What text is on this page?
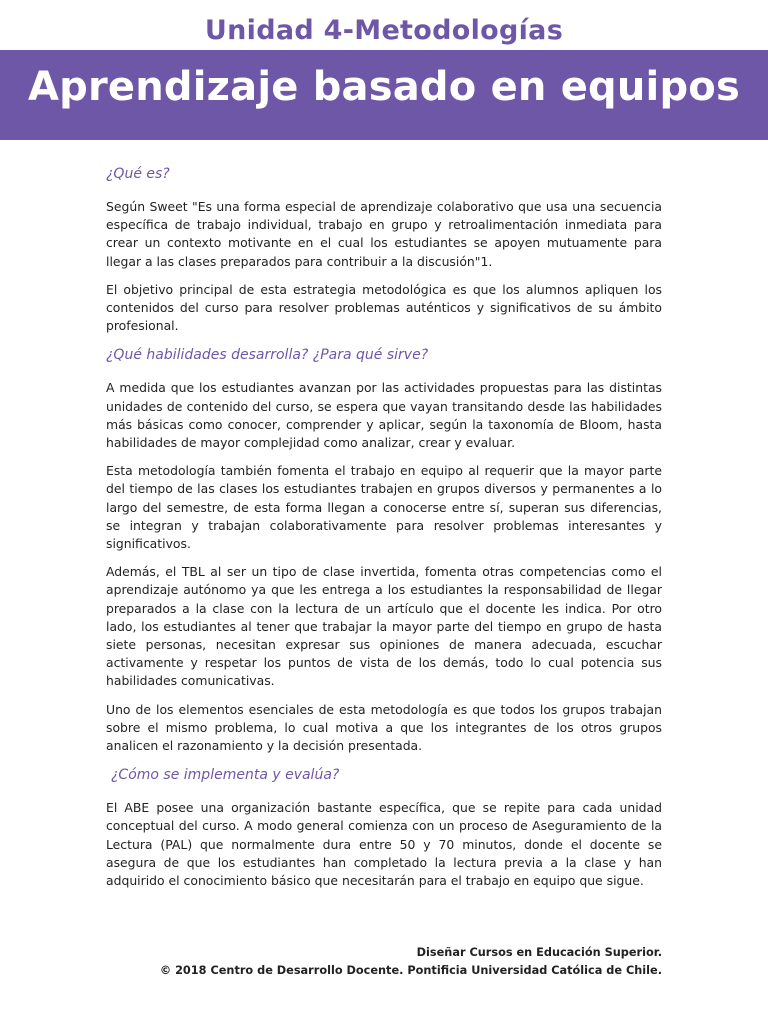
Unidad 4-Metodologías
Aprendizaje basado en equipos
¿Qué es?

Según Sweet "Es una forma especial de aprendizaje colaborativo que usa una secuencia específica de trabajo individual, trabajo en grupo y retroalimentación inmediata para crear un contexto motivante en el cual los estudiantes se apoyen mutuamente para llegar a las clases preparados para contribuir a la discusión"1.

El objetivo principal de esta estrategia metodológica es que los alumnos apliquen los contenidos del curso para resolver problemas auténticos y significativos de su ámbito profesional.

¿Qué habilidades desarrolla? ¿Para qué sirve?

A medida que los estudiantes avanzan por las actividades propuestas para las distintas unidades de contenido del curso, se espera que vayan transitando desde las habilidades más básicas como conocer, comprender y aplicar, según la taxonomía de Bloom, hasta habilidades de mayor complejidad como analizar, crear y evaluar.

Esta metodología también fomenta el trabajo en equipo al requerir que la mayor parte del tiempo de las clases los estudiantes trabajen en grupos diversos y permanentes a lo largo del semestre, de esta forma llegan a conocerse entre sí, superan sus diferencias, se integran y trabajan colaborativamente para resolver problemas interesantes y significativos.

Además, el TBL al ser un tipo de clase invertida, fomenta otras competencias como el aprendizaje autónomo ya que les entrega a los estudiantes la responsabilidad de llegar preparados a la clase con la lectura de un artículo que el docente les indica. Por otro lado, los estudiantes al tener que trabajar la mayor parte del tiempo en grupo de hasta siete personas, necesitan expresar sus opiniones de manera adecuada, escuchar activamente y respetar los puntos de vista de los demás, todo lo cual potencia sus habilidades comunicativas.

Uno de los elementos esenciales de esta metodología es que todos los grupos trabajan sobre el mismo problema, lo cual motiva a que los integrantes de los otros grupos analicen el razonamiento y la decisión presentada.

¿Cómo se implementa y evalúa?

El ABE posee una organización bastante específica, que se repite para cada unidad conceptual del curso. A modo general comienza con un proceso de Aseguramiento de la Lectura (PAL) que normalmente dura entre 50 y 70 minutos, donde el docente se asegura de que los estudiantes han completado la lectura previa a la clase y han adquirido el conocimiento básico que necesitarán para el trabajo en equipo que sigue.

Diseñar Cursos en Educación Superior.
© 2018 Centro de Desarrollo Docente. Pontificia Universidad Católica de Chile.
